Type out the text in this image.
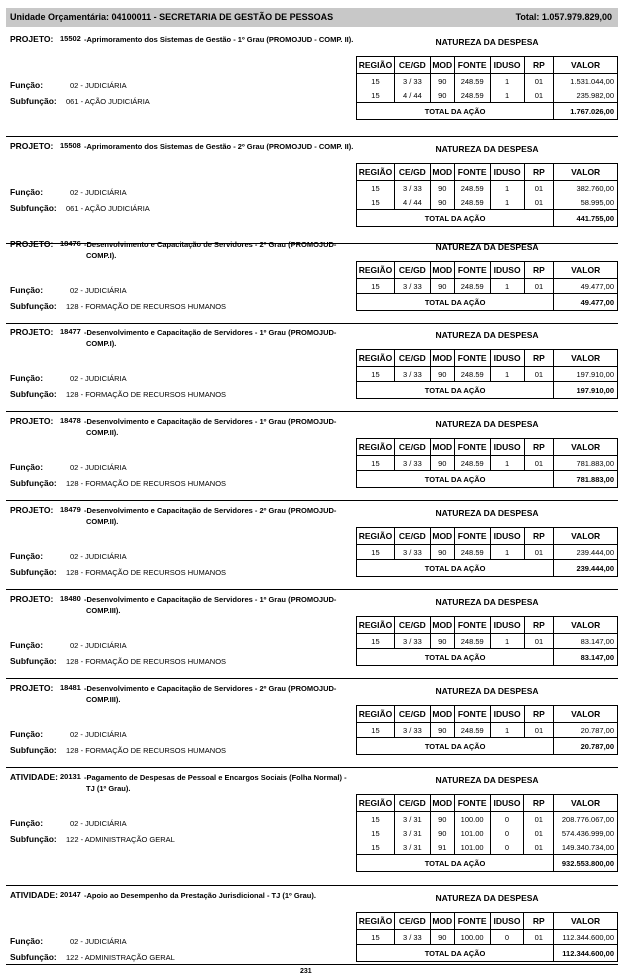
Unidade Orçamentária: 04100011 - SECRETARIA DE GESTÃO DE PESSOAS	Total: 1.057.979.829,00
PROJETO: 15502 -Aprimoramento dos Sistemas de Gestão - 1º Grau (PROMOJUD - COMP. II).	NATUREZA DA DESPESA
Função:	02 - JUDICIÁRIA
Subfunção: 061 - AÇÃO JUDICIÁRIA
REGIÃO	CE/GD	MOD	FONTE	IDUSO	RP	VALOR
15	3 / 33	90	248.59	1	01	1.531.044,00
15	4 / 44	90	248.59	1	01	235.982,00
TOTAL DA AÇÃO						1.767.026,00
PROJETO: 15508 -Aprimoramento dos Sistemas de Gestão - 2º Grau (PROMOJUD - COMP. II).	NATUREZA DA DESPESA
Função:	02 - JUDICIÁRIA
Subfunção: 061 - AÇÃO JUDICIÁRIA
REGIÃO	CE/GD	MOD	FONTE	IDUSO	RP	VALOR
15	3 / 33	90	248.59	1	01	382.760,00
15	4 / 44	90	248.59	1	01	58.995,00
TOTAL DA AÇÃO						441.755,00
PROJETO: 18476 -Desenvolvimento e Capacitação de Servidores - 2º Grau (PROMOJUD-COMP.I).
NATUREZA DA DESPESA
Função:	02 - JUDICIÁRIA
Subfunção: 128 - FORMAÇÃO DE RECURSOS HUMANOS
REGIÃO	CE/GD	MOD	FONTE	IDUSO	RP	VALOR
15	3 / 33	90	248.59	1	01	49.477,00
TOTAL DA AÇÃO						49.477,00
PROJETO: 18477 -Desenvolvimento e Capacitação de Servidores - 1º Grau (PROMOJUD-COMP.I).
NATUREZA DA DESPESA
Função:	02 - JUDICIÁRIA
Subfunção: 128 - FORMAÇÃO DE RECURSOS HUMANOS
REGIÃO	CE/GD	MOD	FONTE	IDUSO	RP	VALOR
15	3 / 33	90	248.59	1	01	197.910,00
TOTAL DA AÇÃO						197.910,00
PROJETO: 18478 -Desenvolvimento e Capacitação de Servidores - 1º Grau (PROMOJUD-COMP.II).
NATUREZA DA DESPESA
Função:	02 - JUDICIÁRIA
Subfunção: 128 - FORMAÇÃO DE RECURSOS HUMANOS
REGIÃO	CE/GD	MOD	FONTE	IDUSO	RP	VALOR
15	3 / 33	90	248.59	1	01	781.883,00
TOTAL DA AÇÃO						781.883,00
PROJETO: 18479 -Desenvolvimento e Capacitação de Servidores - 2º Grau (PROMOJUD-COMP.II).
NATUREZA DA DESPESA
Função:	02 - JUDICIÁRIA
Subfunção: 128 - FORMAÇÃO DE RECURSOS HUMANOS
REGIÃO	CE/GD	MOD	FONTE	IDUSO	RP	VALOR
15	3 / 33	90	248.59	1	01	239.444,00
TOTAL DA AÇÃO						239.444,00
PROJETO: 18480 -Desenvolvimento e Capacitação de Servidores - 1º Grau (PROMOJUD-COMP.III).
NATUREZA DA DESPESA
Função:	02 - JUDICIÁRIA
Subfunção: 128 - FORMAÇÃO DE RECURSOS HUMANOS
REGIÃO	CE/GD	MOD	FONTE	IDUSO	RP	VALOR
15	3 / 33	90	248.59	1	01	83.147,00
TOTAL DA AÇÃO						83.147,00
PROJETO: 18481 -Desenvolvimento e Capacitação de Servidores - 2º Grau (PROMOJUD-COMP.III).
NATUREZA DA DESPESA
Função:	02 - JUDICIÁRIA
Subfunção: 128 - FORMAÇÃO DE RECURSOS HUMANOS
REGIÃO	CE/GD	MOD	FONTE	IDUSO	RP	VALOR
15	3 / 33	90	248.59	1	01	20.787,00
TOTAL DA AÇÃO						20.787,00
ATIVIDADE: 20131 -Pagamento de Despesas de Pessoal e Encargos Sociais (Folha Normal) - TJ (1º Grau).
NATUREZA DA DESPESA
Função:	02 - JUDICIÁRIA
Subfunção: 122 - ADMINISTRAÇÃO GERAL
REGIÃO	CE/GD	MOD	FONTE	IDUSO	RP	VALOR
15	3 / 31	90	100.00	0	01	208.776.067,00
15	3 / 31	90	101.00	0	01	574.436.999,00
15	3 / 31	91	101.00	0	01	149.340.734,00
TOTAL DA AÇÃO						932.553.800,00
ATIVIDADE: 20147 -Apoio ao Desempenho da Prestação Jurisdicional - TJ (1º Grau).	NATUREZA DA DESPESA
Função:	02 - JUDICIÁRIA
Subfunção: 122 - ADMINISTRAÇÃO GERAL
REGIÃO	CE/GD	MOD	FONTE	IDUSO	RP	VALOR
15	3 / 33	90	100.00	0	01	112.344.600,00
TOTAL DA AÇÃO						112.344.600,00
231
